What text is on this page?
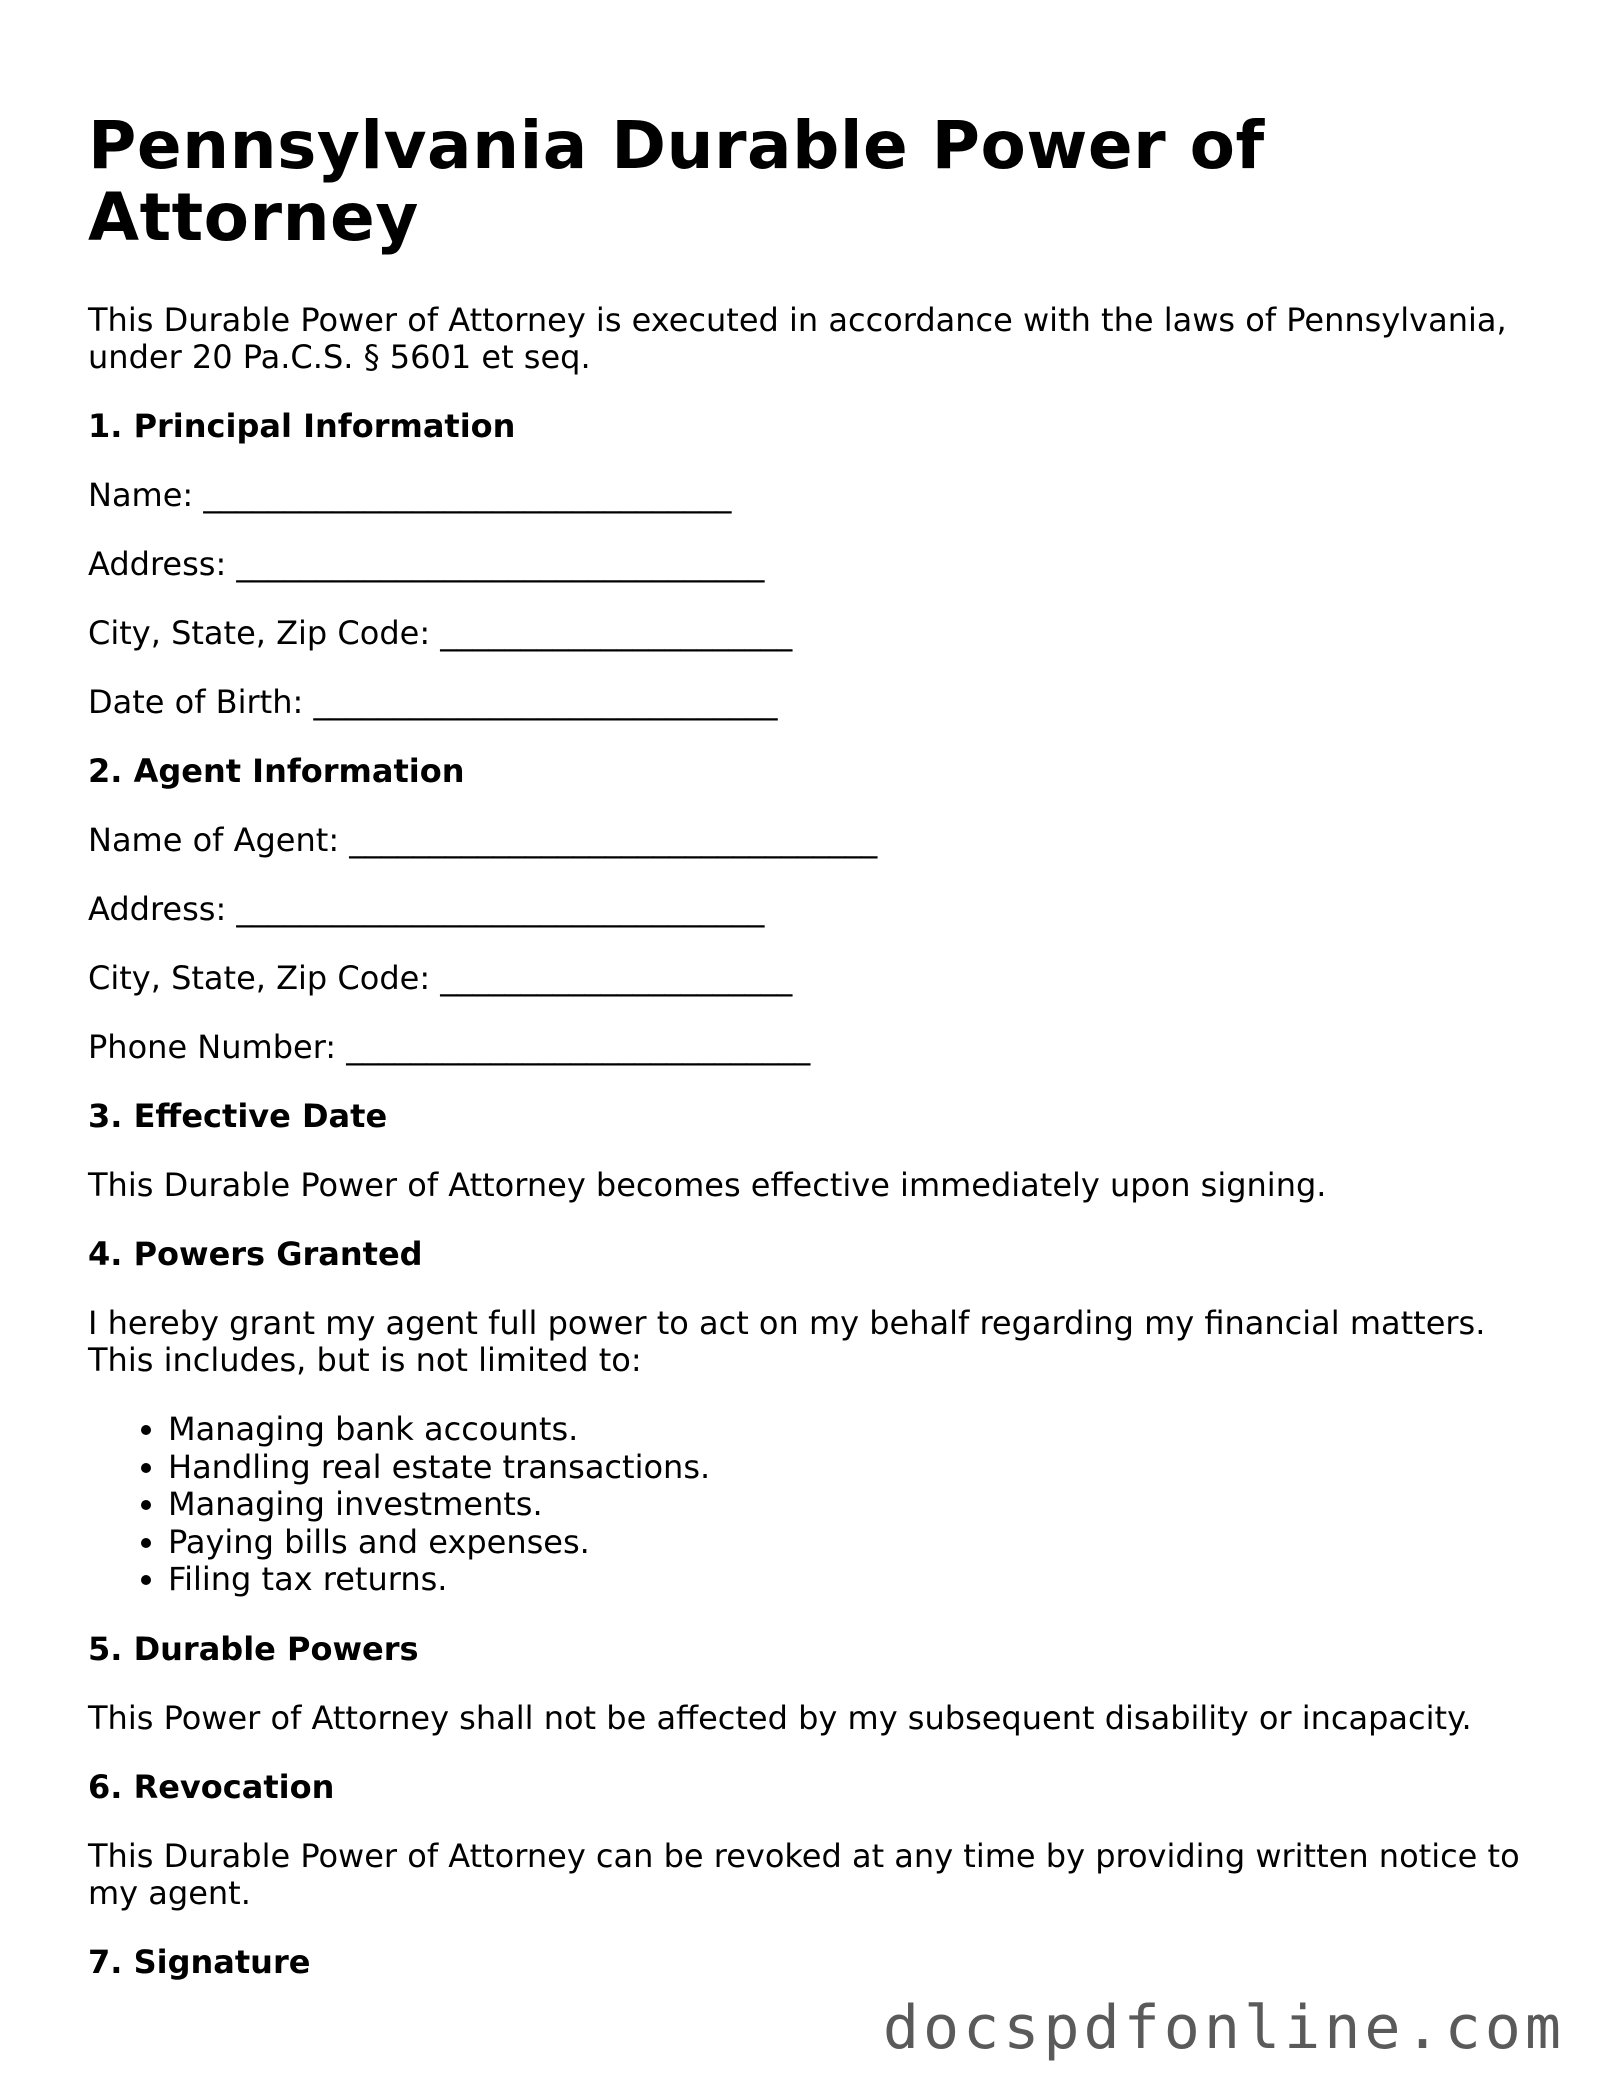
Pennsylvania Durable Power of Attorney

This Durable Power of Attorney is executed in accordance with the laws of Pennsylvania, under 20 Pa.C.S. § 5601 et seq.

1. Principal Information
Name: _________________________________
Address: _________________________________
City, State, Zip Code: ______________________
Date of Birth: _____________________________
2. Agent Information
Name of Agent: _________________________________
Address: _________________________________
City, State, Zip Code: ______________________
Phone Number: _____________________________
3. Effective Date

This Durable Power of Attorney becomes effective immediately upon signing.

4. Powers Granted

I hereby grant my agent full power to act on my behalf regarding my financial matters. This includes, but is not limited to:

• Managing bank accounts.
• Handling real estate transactions.
• Managing investments.
• Paying bills and expenses.
• Filing tax returns.
5. Durable Powers

This Power of Attorney shall not be affected by my subsequent disability or incapacity.

6. Revocation

This Durable Power of Attorney can be revoked at any time by providing written notice to my agent.

7. Signature
docspdfonline.com
